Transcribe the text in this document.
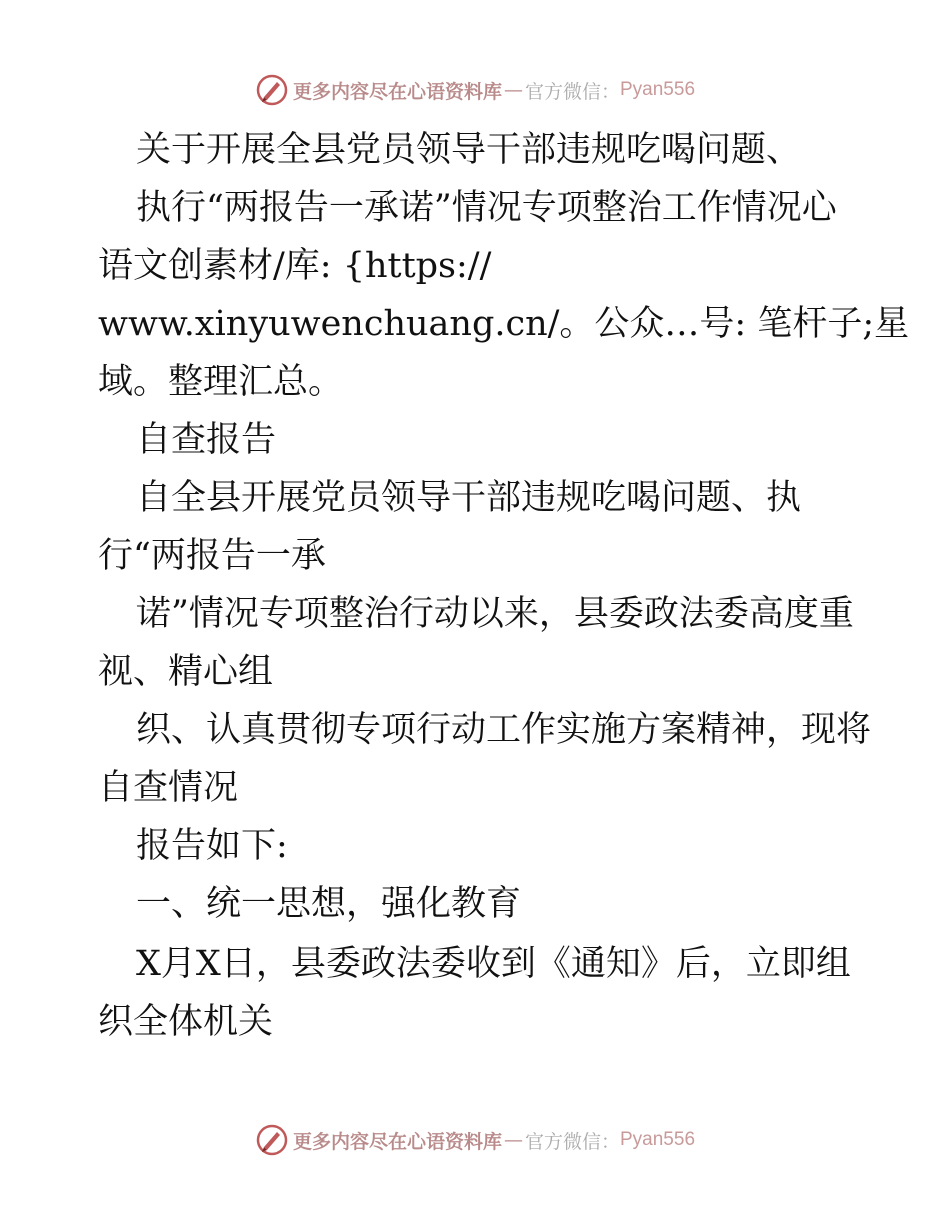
更多内容尽在心语资料库 — 官方微信： Pyan556
关于开展全县党员领导干部违规吃喝问题、
执行“两报告一承诺”情况专项整治工作情况心
语文创素材/库: {https://
www.xinyuwenchuang.cn/。公众…号: 笔杆子;星
域。整理汇总。
自查报告
自全县开展党员领导干部违规吃喝问题、执
行“两报告一承
诺”情况专项整治行动以来，县委政法委高度重
视、精心组
织、认真贯彻专项行动工作实施方案精神，现将
自查情况
报告如下:
一、统一思想，强化教育
X月X日，县委政法委收到《通知》后，立即组
织全体机关
更多内容尽在心语资料库 — 官方微信： Pyan556
